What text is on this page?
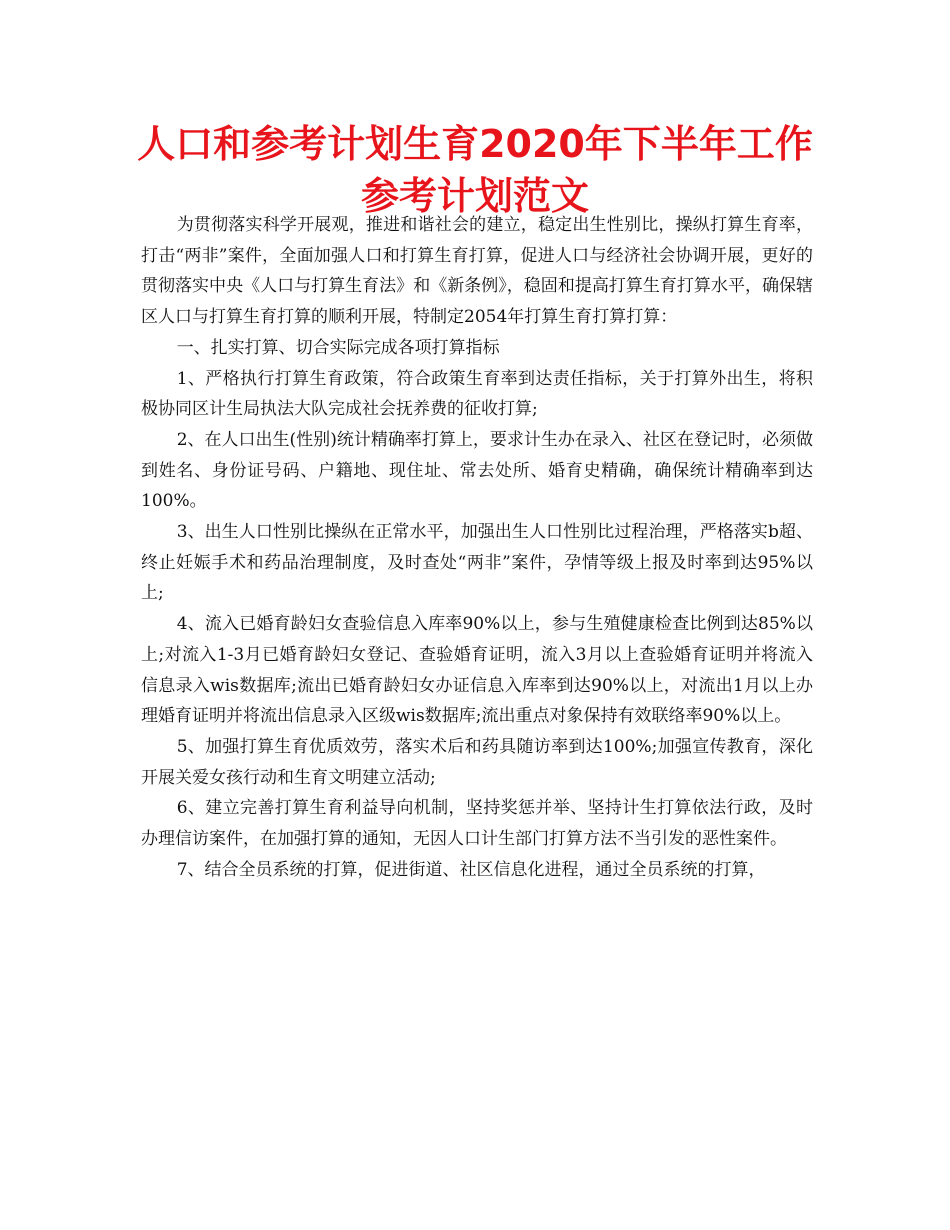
人口和参考计划生育2020年下半年工作参考计划范文

为贯彻落实科学开展观，推进和谐社会的建立，稳定出生性别比，操纵打算生育率，打击“两非”案件，全面加强人口和打算生育打算，促进人口与经济社会协调开展，更好的贯彻落实中央《人口与打算生育法》和《新条例》，稳固和提高打算生育打算水平，确保辖区人口与打算生育打算的顺利开展，特制定2054年打算生育打算打算：

一、扎实打算、切合实际完成各项打算指标

1、严格执行打算生育政策，符合政策生育率到达责任指标，关于打算外出生，将积极协同区计生局执法大队完成社会抚养费的征收打算;

2、在人口出生(性别)统计精确率打算上，要求计生办在录入、社区在登记时，必须做到姓名、身份证号码、户籍地、现住址、常去处所、婚育史精确，确保统计精确率到达100%。

3、出生人口性别比操纵在正常水平，加强出生人口性别比过程治理，严格落实b超、终止妊娠手术和药品治理制度，及时查处“两非”案件，孕情等级上报及时率到达95%以上;

4、流入已婚育龄妇女查验信息入库率90%以上，参与生殖健康检查比例到达85%以上;对流入1-3月已婚育龄妇女登记、查验婚育证明，流入3月以上查验婚育证明并将流入信息录入wis数据库;流出已婚育龄妇女办证信息入库率到达90%以上，对流出1月以上办理婚育证明并将流出信息录入区级wis数据库;流出重点对象保持有效联络率90%以上。

5、加强打算生育优质效劳，落实术后和药具随访率到达100%;加强宣传教育，深化开展关爱女孩行动和生育文明建立活动;

6、建立完善打算生育利益导向机制，坚持奖惩并举、坚持计生打算依法行政，及时办理信访案件，在加强打算的通知，无因人口计生部门打算方法不当引发的恶性案件。

7、结合全员系统的打算，促进街道、社区信息化进程，通过全员系统的打算，
